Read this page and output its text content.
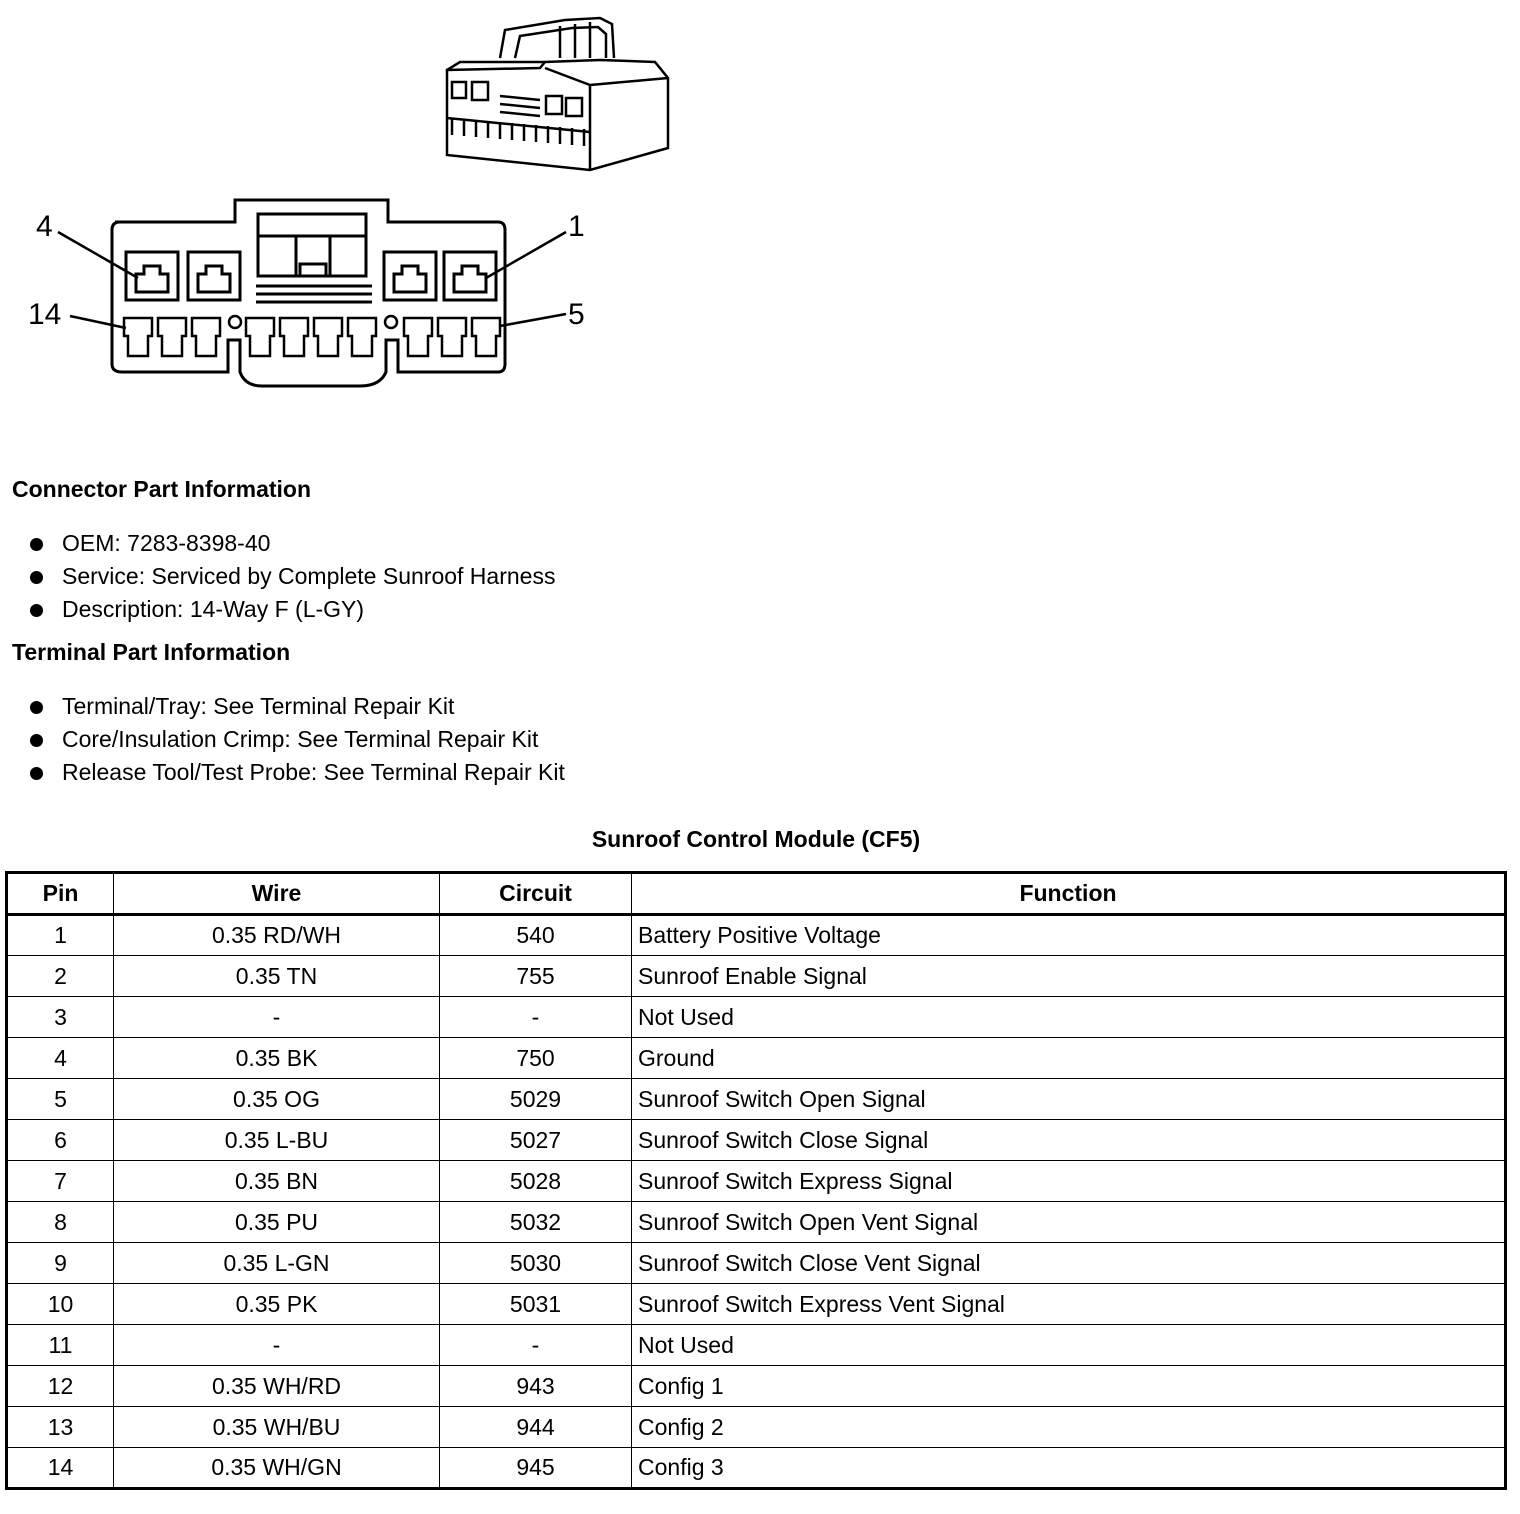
4	1
14	5
Connector Part Information
OEM: 7283-8398-40
Service: Serviced by Complete Sunroof Harness
Description: 14-Way F (L-GY)
Terminal Part Information
Terminal/Tray: See Terminal Repair Kit
Core/Insulation Crimp: See Terminal Repair Kit
Release Tool/Test Probe: See Terminal Repair Kit
Sunroof Control Module (CF5)
Pin	Wire	Circuit	Function
1	0.35 RD/WH	540	Battery Positive Voltage
2	0.35 TN	755	Sunroof Enable Signal
3	-	-	Not Used
4	0.35 BK	750	Ground
5	0.35 OG	5029	Sunroof Switch Open Signal
6	0.35 L-BU	5027	Sunroof Switch Close Signal
7	0.35 BN	5028	Sunroof Switch Express Signal
8	0.35 PU	5032	Sunroof Switch Open Vent Signal
9	0.35 L-GN	5030	Sunroof Switch Close Vent Signal
10	0.35 PK	5031	Sunroof Switch Express Vent Signal
11	-	-	Not Used
12	0.35 WH/RD	943	Config 1
13	0.35 WH/BU	944	Config 2
14	0.35 WH/GN	945	Config 3
